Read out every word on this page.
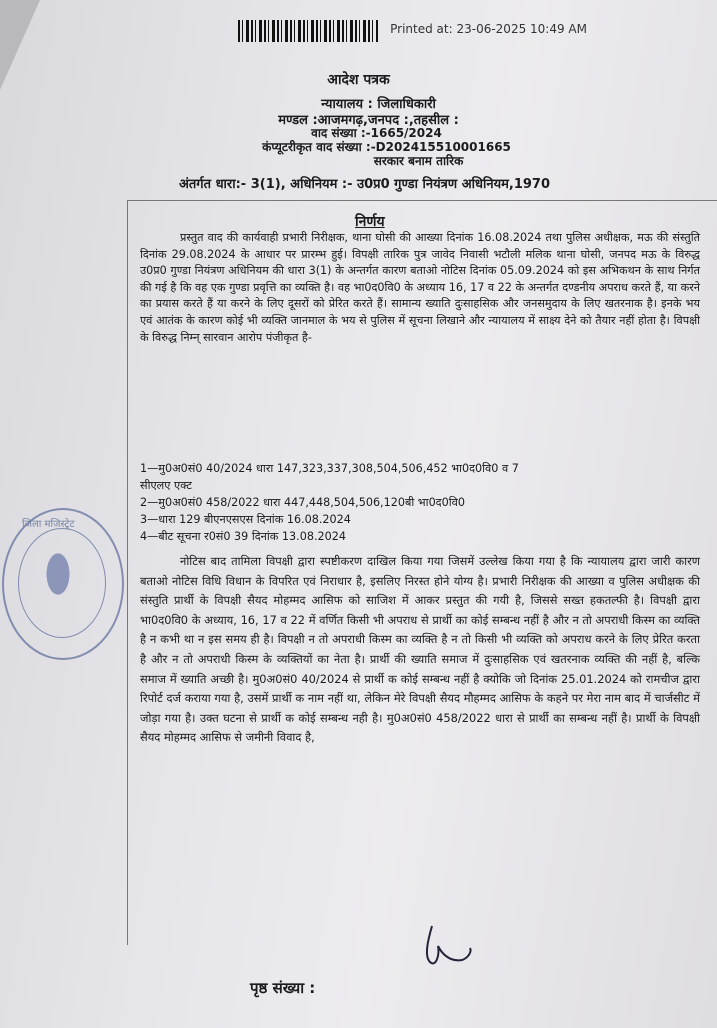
Printed at: 23-06-2025 10:49 AM
आदेश पत्रक
न्यायालय : जिलाधिकारी
मण्डल :आजमगढ़,जनपद :,तहसील :
वाद संख्या :-1665/2024
कंप्यूटरीकृत वाद संख्या :-D202415510001665
सरकार बनाम तारिक
अंतर्गत धारा:- 3(1), अधिनियम :- उ0प्र0 गुण्डा नियंत्रण अधिनियम,1970
निर्णय

प्रस्तुत वाद की कार्यवाही प्रभारी निरीक्षक, थाना घोसी की आख्या दिनांक 16.08.2024 तथा पुलिस अधीक्षक, मऊ की संस्तुति दिनांक 29.08.2024 के आधार पर प्रारम्भ हुई। विपक्षी तारिक पुत्र जावेद निवासी भटौली मलिक थाना घोसी, जनपद मऊ के विरुद्ध उ0प्र0 गुण्डा नियंत्रण अधिनियम की धारा 3(1) के अन्तर्गत कारण बताओ नोटिस दिनांक 05.09.2024 को इस अभिकथन के साथ निर्गत की गई है कि वह एक गुण्डा प्रवृत्ति का व्यक्ति है। वह भा0द0वि0 के अध्याय 16, 17 व 22 के अन्तर्गत दण्डनीय अपराध करते हैं, या करने का प्रयास करते हैं या करने के लिए दूसरों को प्रेरित करते हैं। सामान्य ख्याति दुःसाहसिक और जनसमुदाय के लिए खतरनाक है। इनके भय एवं आतंक के कारण कोई भी व्यक्ति जानमाल के भय से पुलिस में सूचना लिखाने और न्यायालय में साक्ष्य देने को तैयार नहीं होता है। विपक्षी के विरुद्ध निम्न् सारवान आरोप पंजीकृत है-

1—मु0अ0सं0 40/2024 धारा 147,323,337,308,504,506,452 भा0द0वि0 व 7
सीएलए एक्ट
2—मु0अ0सं0 458/2022 धारा 447,448,504,506,120बी भा0द0वि0
3—धारा 129 बीएनएसएस दिनांक 16.08.2024
4—बीट सूचना र0सं0 39 दिनांक 13.08.2024

नोटिस बाद तामिला विपक्षी द्वारा स्पष्टीकरण दाखिल किया गया जिसमें उल्लेख किया गया है कि न्यायालय द्वारा जारी कारण बताओ नोटिस विधि विधान के विपरित एवं निराधार है, इसलिए निरस्त होने योग्य है। प्रभारी निरीक्षक की आख्या व पुलिस अधीक्षक की संस्तुति प्रार्थी के विपक्षी सैयद मोहम्मद आसिफ को साजिश में आकर प्रस्तुत की गयी है, जिससे सख्त हकतल्फी है। विपक्षी द्वारा भा0द0वि0 के अध्याय, 16, 17 व 22 में वर्णित किसी भी अपराध से प्रार्थी का कोई सम्बन्ध नहीं है और न तो अपराधी किस्म का व्यक्ति है न कभी था न इस समय ही है। विपक्षी न तो अपराधी किस्म का व्यक्ति है न तो किसी भी व्यक्ति को अपराध करने के लिए प्रेरित करता है और न तो अपराधी किस्म के व्यक्तियों का नेता है। प्रार्थी की ख्याति समाज में दुःसाहसिक एवं खतरनाक व्यक्ति की नहीं है, बल्कि समाज में ख्याति अच्छी है। मु0अ0सं0 40/2024 से प्रार्थी क कोई सम्बन्ध नहीं है क्योकि जो दिनांक 25.01.2024 को रामचीज द्वारा रिपोर्ट दर्ज कराया गया है, उसमें प्रार्थी क नाम नहीं था, लेकिन मेरे विपक्षी सैयद मौहम्मद आसिफ के कहने पर मेरा नाम बाद में चार्जसीट में जोड़ा गया है। उक्त घटना से प्रार्थी क कोई सम्बन्ध नही है। मु0अ0सं0 458/2022 धारा से प्रार्थी का सम्बन्ध नहीं है। प्रार्थी के विपक्षी सैयद मोहम्मद आसिफ से जमीनी विवाद है,

जिला मजिस्ट्रेट
पृष्ठ संख्या :
